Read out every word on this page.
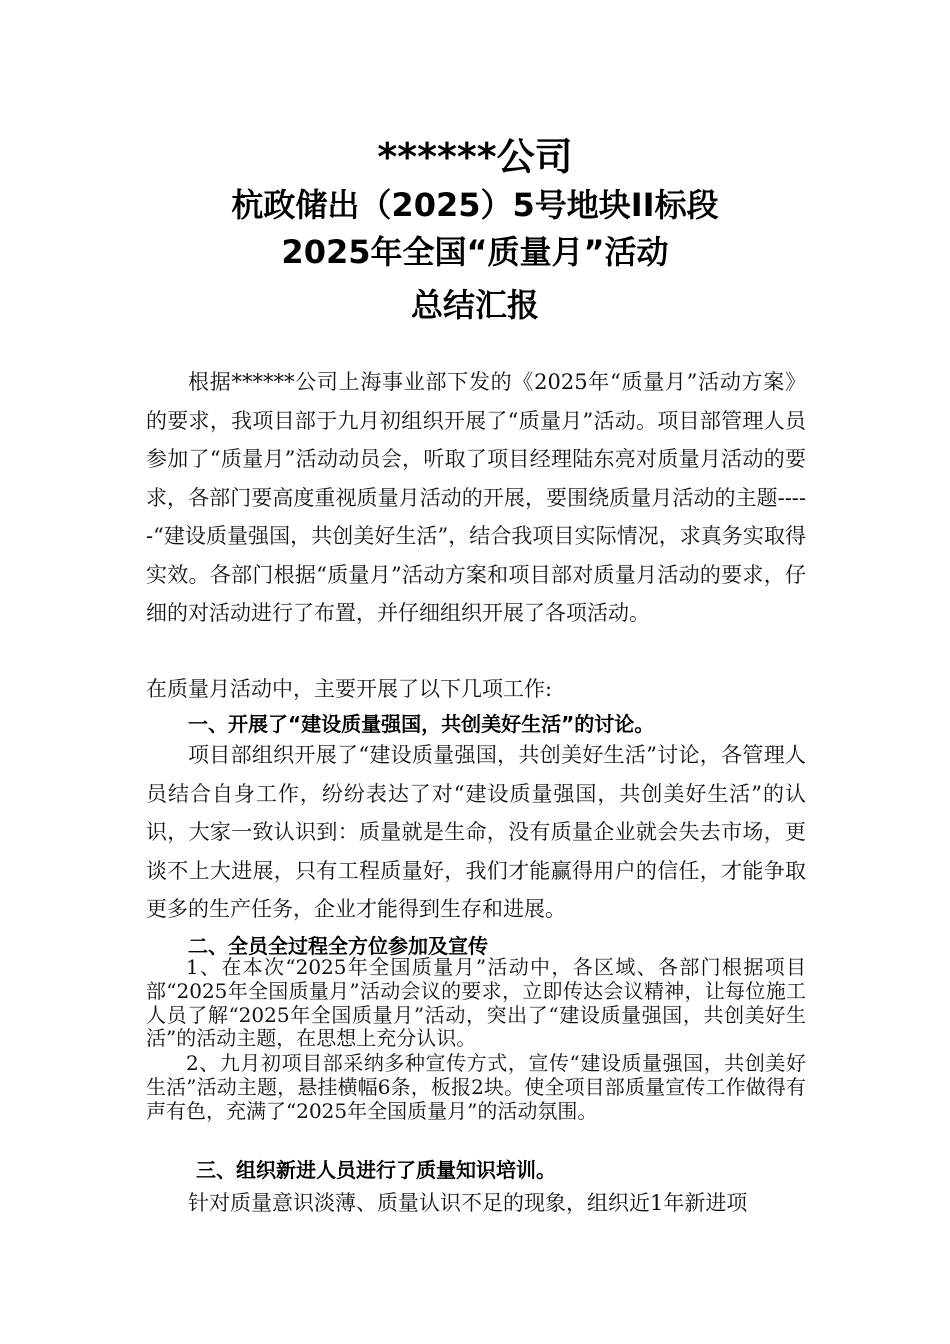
******公司
杭政储出（2025）5号地块II标段
2025年全国“质量月”活动
总结汇报

根据******公司上海事业部下发的《2025年“质量月”活动方案》的要求，我项目部于九月初组织开展了“质量月”活动。项目部管理人员参加了“质量月”活动动员会，听取了项目经理陆东亮对质量月活动的要求，各部门要高度重视质量月活动的开展，要围绕质量月活动的主题-----“建设质量强国，共创美好生活”，结合我项目实际情况，求真务实取得实效。各部门根据“质量月”活动方案和项目部对质量月活动的要求，仔细的对活动进行了布置，并仔细组织开展了各项活动。

在质量月活动中，主要开展了以下几项工作:

一、开展了“建设质量强国，共创美好生活”的讨论。

项目部组织开展了“建设质量强国，共创美好生活”讨论，各管理人员结合自身工作，纷纷表达了对“建设质量强国，共创美好生活”的认识，大家一致认识到：质量就是生命，没有质量企业就会失去市场，更谈不上大进展，只有工程质量好，我们才能赢得用户的信任，才能争取更多的生产任务，企业才能得到生存和进展。

二、全员全过程全方位参加及宣传

1、在本次“2025年全国质量月”活动中，各区域、各部门根据项目部“2025年全国质量月”活动会议的要求，立即传达会议精神，让每位施工人员了解“2025年全国质量月”活动，突出了“建设质量强国，共创美好生活”的活动主题，在思想上充分认识。

2、九月初项目部采纳多种宣传方式，宣传“建设质量强国，共创美好生活”活动主题，悬挂横幅6条，板报2块。使全项目部质量宣传工作做得有声有色，充满了“2025年全国质量月”的活动氛围。

三、组织新进人员进行了质量知识培训。

针对质量意识淡薄、质量认识不足的现象，组织近1年新进项
